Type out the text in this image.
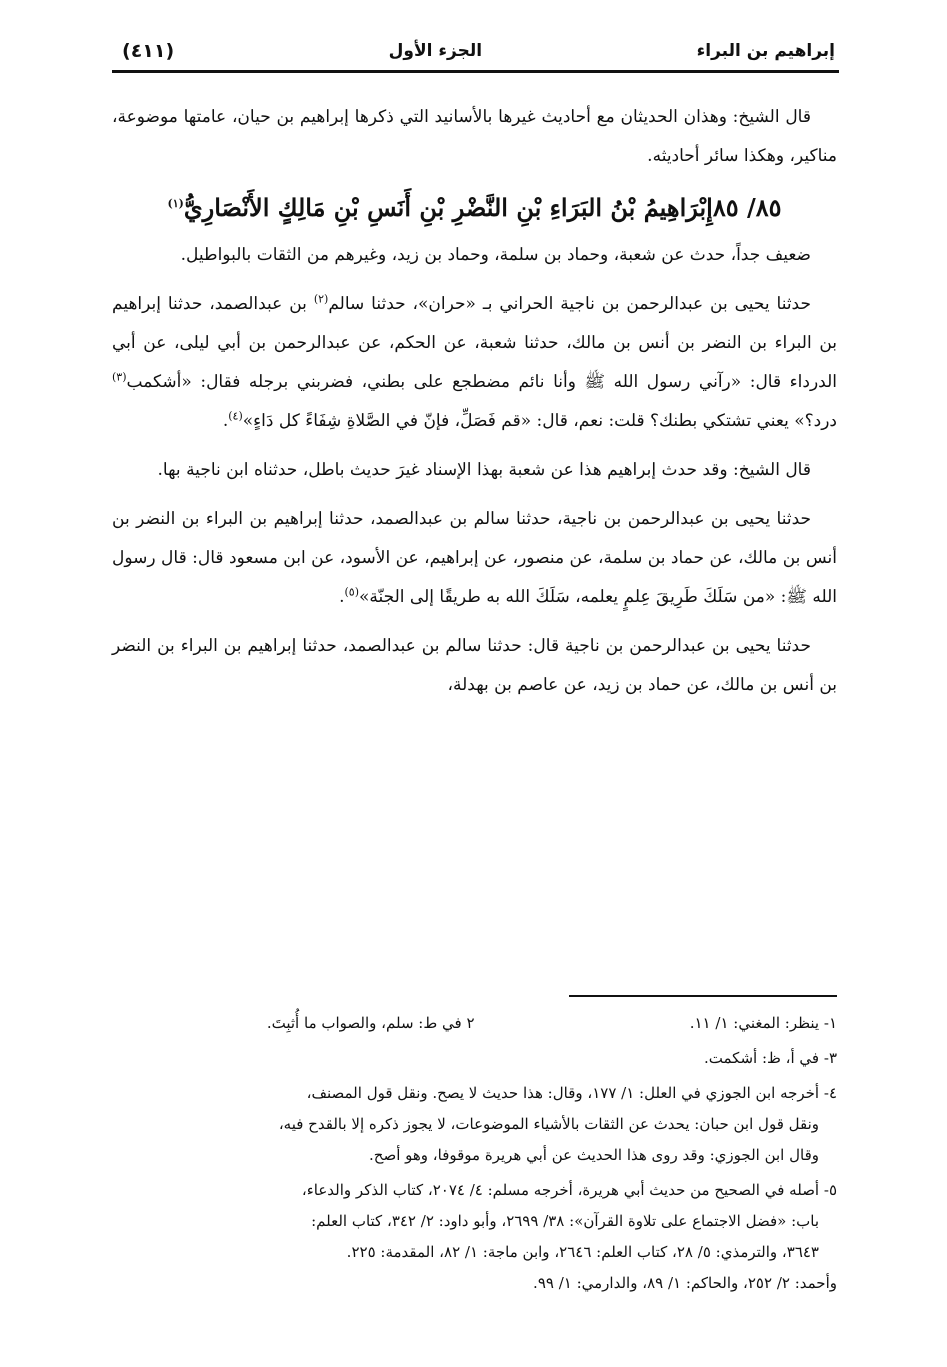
إبراهيم بن البراء
الجزء الأول
(٤١١)

قال الشيخ: وهذان الحديثان مع أحاديث غيرها بالأسانيد التي ذكرها إبراهيم بن حيان، عامتها موضوعة، مناكير، وهكذا سائر أحاديثه.

٨٥/ ٨٥إِبْرَاهِيمُ بْنُ البَرَاءِ بْنِ النَّضْرِ بْنِ أَنَسِ بْنِ مَالِكٍ الأَنْصَارِيُّ$^{(١)}$

ضعيف جداً، حدث عن شعبة، وحماد بن سلمة، وحماد بن زيد، وغيرهم من الثقات بالبواطيل.

حدثنا يحيى بن عبدالرحمن بن ناجية الحراني بـ «حران»، حدثنا سالم$^{(٢)}$ بن عبدالصمد، حدثنا إبراهيم بن البراء بن النضر بن أنس بن مالك، حدثنا شعبة، عن الحكم، عن عبدالرحمن بن أبي ليلى، عن أبي الدرداء قال: «رآني رسول الله ﷺ وأنا نائم مضطجع على بطني، فضربني برجله فقال: «أشكمب$^{(٣)}$ درد؟» يعني تشتكي بطنك؟ قلت: نعم، قال: «قم فَصَلِّ، فإنّ في الصَّلاةِ شِفَاءً كل دَاءٍ»$^{(٤)}$.

قال الشيخ: وقد حدث إبراهيم هذا عن شعبة بهذا الإسناد غيرَ حديث باطل، حدثناه ابن ناجية بها.

حدثنا يحيى بن عبدالرحمن بن ناجية، حدثنا سالم بن عبدالصمد، حدثنا إبراهيم بن البراء بن النضر بن أنس بن مالك، عن حماد بن سلمة، عن منصور، عن إبراهيم، عن الأسود، عن ابن مسعود قال: قال رسول الله ﷺ: «من سَلَكَ طَرِيقَ عِلمٍ يعلمه، سَلَكَ الله به طريقًا إلى الجنّة»$^{(٥)}$.

حدثنا يحيى بن عبدالرحمن بن ناجية قال: حدثنا سالم بن عبدالصمد، حدثنا إبراهيم بن البراء بن النضر بن أنس بن مالك، عن حماد بن زيد، عن عاصم بن بهدلة،

١- ينظر: المغني: ١/ ١١.
٢ في ط: سلم، والصواب ما أُثبِتَ.

٣- في أ، ظ: أشكمت.

٤- أخرجه ابن الجوزي في العلل: ١/ ١٧٧، وقال: هذا حديث لا يصح. ونقل قول المصنف،
ونقل قول ابن حبان: يحدث عن الثقات بالأشياء الموضوعات، لا يجوز ذكره إلا بالقدح فيه،
وقال ابن الجوزي: وقد روى هذا الحديث عن أبي هريرة موقوفا، وهو أصح.

٥- أصله في الصحيح من حديث أبي هريرة، أخرجه مسلم: ٤/ ٢٠٧٤، كتاب الذكر والدعاء،
باب: «فضل الاجتماع على تلاوة القرآن»: ٣٨/ ٢٦٩٩، وأبو داود: ٢/ ٣٤٢، كتاب العلم:
٣٦٤٣، والترمذي: ٥/ ٢٨، كتاب العلم: ٢٦٤٦، وابن ماجة: ١/ ٨٢، المقدمة: ٢٢٥.
وأحمد: ٢/ ٢٥٢، والحاكم: ١/ ٨٩، والدارمي: ١/ ٩٩.
